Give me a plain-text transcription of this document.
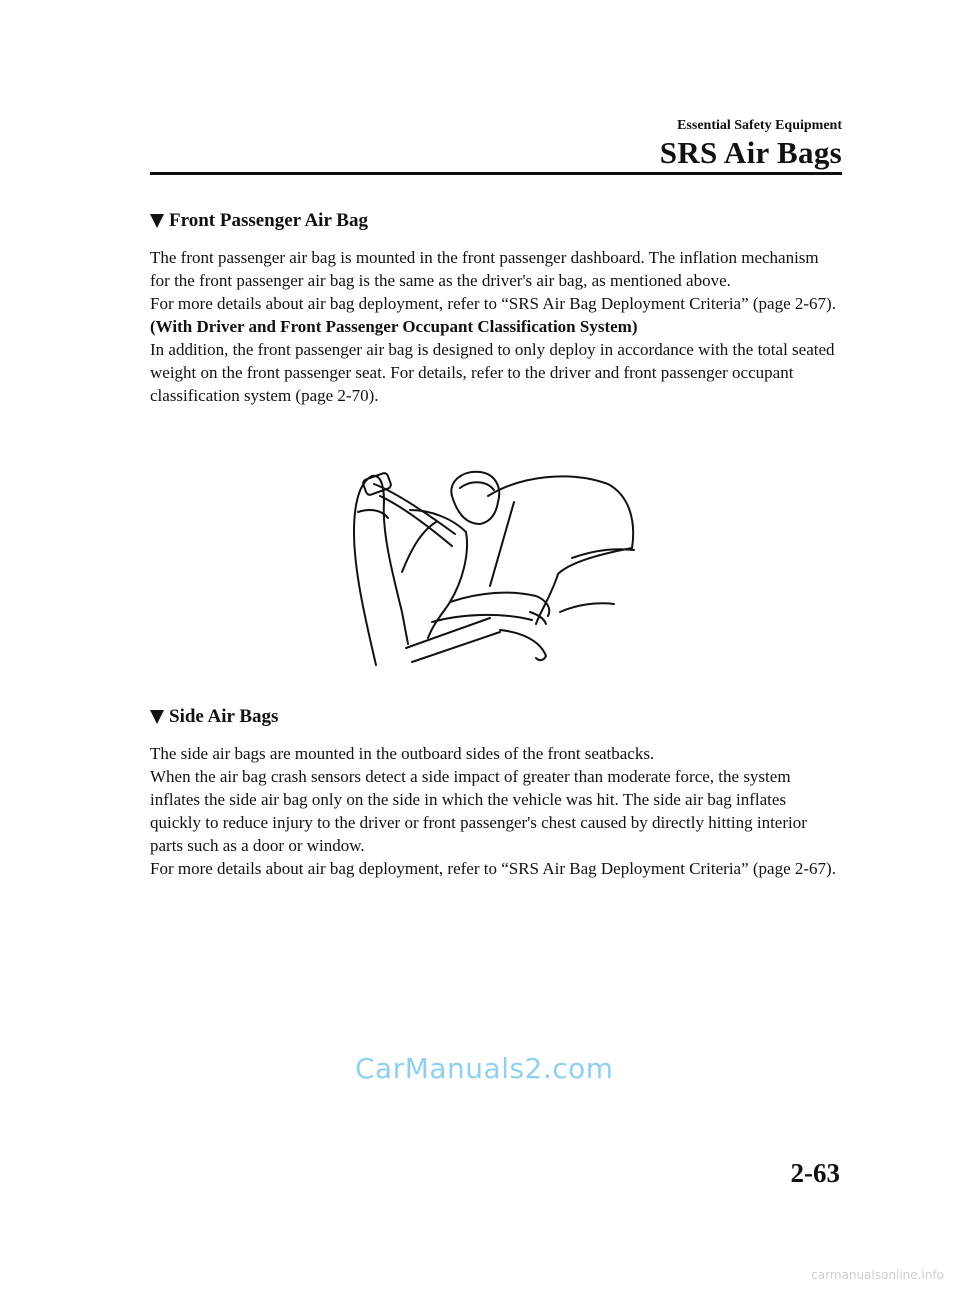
Essential Safety Equipment
SRS Air Bags
Front Passenger Air Bag

The front passenger air bag is mounted in the front passenger dashboard. The inflation mechanism for the front passenger air bag is the same as the driver's air bag, as mentioned above.

For more details about air bag deployment, refer to “SRS Air Bag Deployment Criteria” (page 2-67).

(With Driver and Front Passenger Occupant Classification System)

In addition, the front passenger air bag is designed to only deploy in accordance with the total seated weight on the front passenger seat. For details, refer to the driver and front passenger occupant classification system (page 2-70).

Side Air Bags

The side air bags are mounted in the outboard sides of the front seatbacks.

When the air bag crash sensors detect a side impact of greater than moderate force, the system inflates the side air bag only on the side in which the vehicle was hit. The side air bag inflates quickly to reduce injury to the driver or front passenger's chest caused by directly hitting interior parts such as a door or window.

For more details about air bag deployment, refer to “SRS Air Bag Deployment Criteria” (page 2-67).

CarManuals2.com
2-63
carmanualsonline.info
